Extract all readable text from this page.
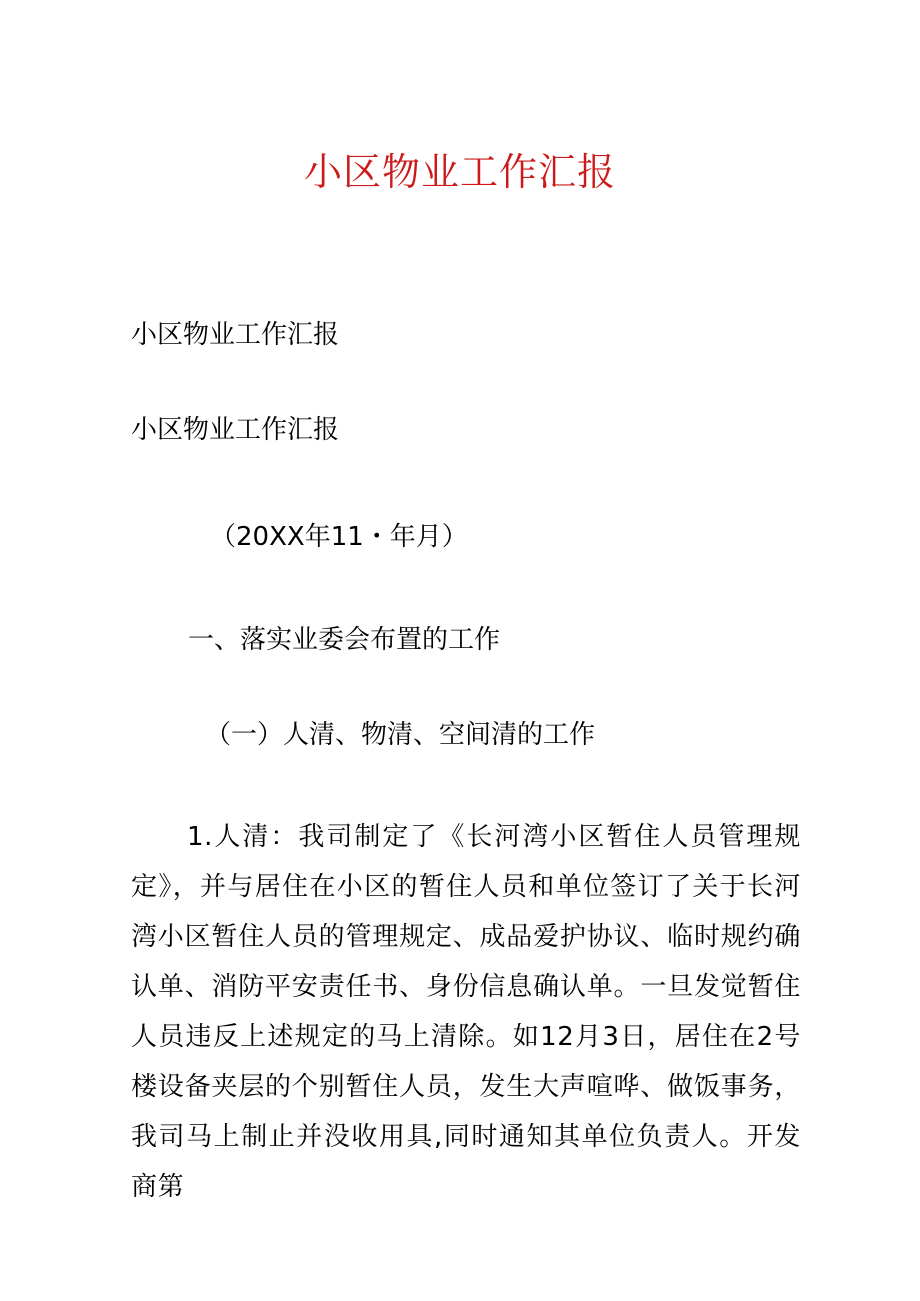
小区物业工作汇报
小区物业工作汇报
小区物业工作汇报
（20XX年11・年月）
一、落实业委会布置的工作
（一）人清、物清、空间清的工作
1.人清：我司制定了《长河湾小区暂住人员管理规定》，并与居住在小区的暂住人员和单位签订了关于长河湾小区暂住人员的管理规定、成品爱护协议、临时规约确认单、消防平安责任书、身份信息确认单。一旦发觉暂住人员违反上述规定的马上清除。如12月3日，居住在2号楼设备夹层的个别暂住人员，发生大声喧哗、做饭事务，我司马上制止并没收用具,同时通知其单位负责人。开发商第
